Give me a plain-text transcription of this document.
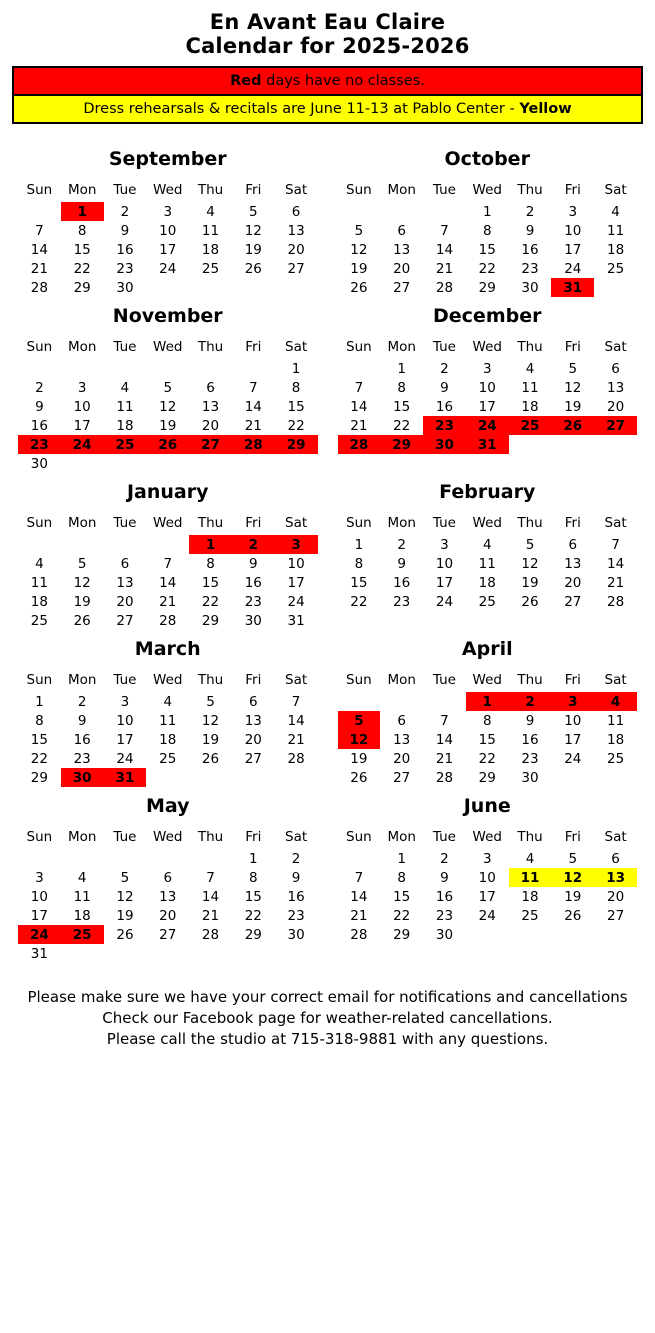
En Avant Eau Claire
Calendar for 2025-2026
Red days have no classes.
Dress rehearsals & recitals are June 11-13 at Pablo Center - Yellow
September
Sun	Mon	Tue	Wed	Thu	Fri	Sat
	1	2	3	4	5	6
7	8	9	10	11	12	13
14	15	16	17	18	19	20
21	22	23	24	25	26	27
28	29	30				
October
Sun	Mon	Tue	Wed	Thu	Fri	Sat
			1	2	3	4
5	6	7	8	9	10	11
12	13	14	15	16	17	18
19	20	21	22	23	24	25
26	27	28	29	30	31	
November
Sun	Mon	Tue	Wed	Thu	Fri	Sat
						1
2	3	4	5	6	7	8
9	10	11	12	13	14	15
16	17	18	19	20	21	22
23	24	25	26	27	28	29
30						
December
Sun	Mon	Tue	Wed	Thu	Fri	Sat
	1	2	3	4	5	6
7	8	9	10	11	12	13
14	15	16	17	18	19	20
21	22	23	24	25	26	27
28	29	30	31			
January
Sun	Mon	Tue	Wed	Thu	Fri	Sat
				1	2	3
4	5	6	7	8	9	10
11	12	13	14	15	16	17
18	19	20	21	22	23	24
25	26	27	28	29	30	31
February
Sun	Mon	Tue	Wed	Thu	Fri	Sat
1	2	3	4	5	6	7
8	9	10	11	12	13	14
15	16	17	18	19	20	21
22	23	24	25	26	27	28
March
Sun	Mon	Tue	Wed	Thu	Fri	Sat
1	2	3	4	5	6	7
8	9	10	11	12	13	14
15	16	17	18	19	20	21
22	23	24	25	26	27	28
29	30	31				
April
Sun	Mon	Tue	Wed	Thu	Fri	Sat
			1	2	3	4
5	6	7	8	9	10	11
12	13	14	15	16	17	18
19	20	21	22	23	24	25
26	27	28	29	30		
May
Sun	Mon	Tue	Wed	Thu	Fri	Sat
					1	2
3	4	5	6	7	8	9
10	11	12	13	14	15	16
17	18	19	20	21	22	23
24	25	26	27	28	29	30
31						
June
Sun	Mon	Tue	Wed	Thu	Fri	Sat
	1	2	3	4	5	6
7	8	9	10	11	12	13
14	15	16	17	18	19	20
21	22	23	24	25	26	27
28	29	30				
Please make sure we have your correct email for notifications and cancellations
Check our Facebook page for weather-related cancellations.
Please call the studio at 715-318-9881 with any questions.
